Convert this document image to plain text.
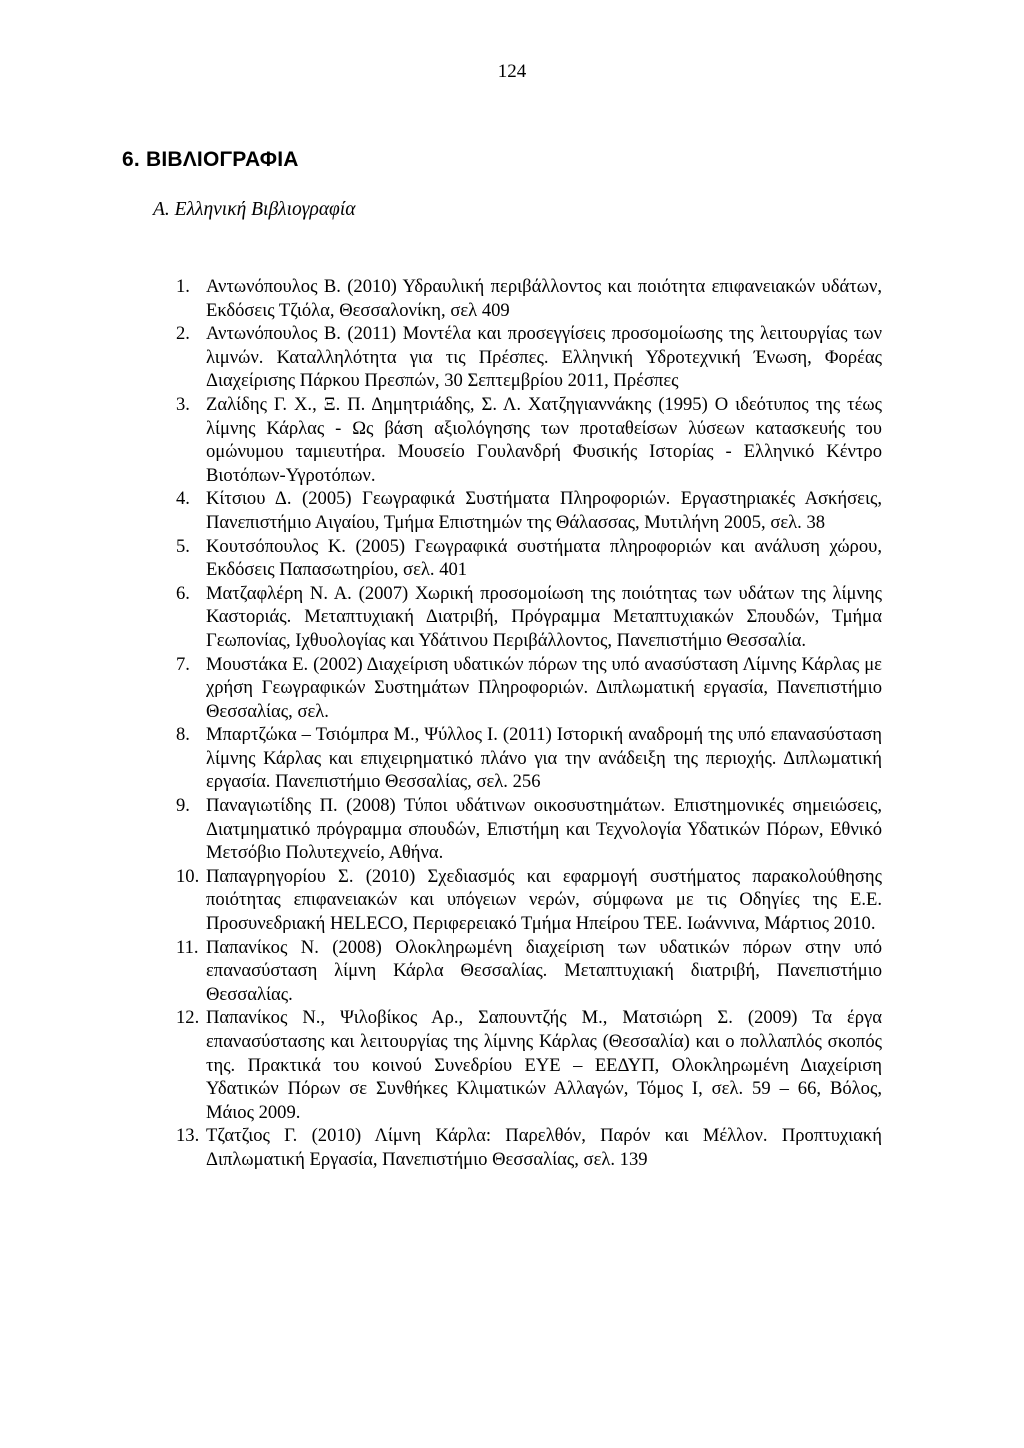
124
6. ΒΙΒΛΙΟΓΡΑΦΙΑ
Α. Ελληνική Βιβλιογραφία
1. Αντωνόπουλος Β. (2010) Υδραυλική περιβάλλοντος και ποιότητα επιφανειακών υδάτων, Εκδόσεις Τζιόλα, Θεσσαλονίκη, σελ 409
2. Αντωνόπουλος Β. (2011) Μοντέλα και προσεγγίσεις προσομοίωσης της λειτουργίας των λιμνών. Καταλληλότητα για τις Πρέσπες. Ελληνική Υδροτεχνική Ένωση, Φορέας Διαχείρισης Πάρκου Πρεσπών, 30 Σεπτεμβρίου 2011, Πρέσπες
3. Ζαλίδης Γ. Χ., Ξ. Π. Δημητριάδης, Σ. Λ. Χατζηγιαννάκης (1995) Ο ιδεότυπος της τέως λίμνης Κάρλας - Ως βάση αξιολόγησης των προταθείσων λύσεων κατασκευής του ομώνυμου ταμιευτήρα. Μουσείο Γουλανδρή Φυσικής Ιστορίας - Ελληνικό Κέντρο Βιοτόπων-Υγροτόπων.
4. Κίτσιου Δ. (2005) Γεωγραφικά Συστήματα Πληροφοριών. Εργαστηριακές Ασκήσεις, Πανεπιστήμιο Αιγαίου, Τμήμα Επιστημών της Θάλασσας, Μυτιλήνη 2005, σελ. 38
5. Κουτσόπουλος Κ. (2005) Γεωγραφικά συστήματα πληροφοριών και ανάλυση χώρου, Εκδόσεις Παπασωτηρίου, σελ. 401
6. Ματζαφλέρη Ν. Α. (2007) Χωρική προσομοίωση της ποιότητας των υδάτων της λίμνης Καστοριάς. Μεταπτυχιακή Διατριβή, Πρόγραμμα Μεταπτυχιακών Σπουδών, Τμήμα Γεωπονίας, Ιχθυολογίας και Υδάτινου Περιβάλλοντος, Πανεπιστήμιο Θεσσαλία.
7. Μουστάκα Ε. (2002) Διαχείριση υδατικών πόρων της υπό ανασύσταση Λίμνης Κάρλας με χρήση Γεωγραφικών Συστημάτων Πληροφοριών. Διπλωματική εργασία, Πανεπιστήμιο Θεσσαλίας, σελ.
8. Μπαρτζώκα – Τσιόμπρα Μ., Ψύλλος Ι. (2011) Ιστορική αναδρομή της υπό επανασύσταση λίμνης Κάρλας και επιχειρηματικό πλάνο για την ανάδειξη της περιοχής. Διπλωματική εργασία. Πανεπιστήμιο Θεσσαλίας, σελ. 256
9. Παναγιωτίδης Π. (2008) Τύποι υδάτινων οικοσυστημάτων. Επιστημονικές σημειώσεις, Διατμηματικό πρόγραμμα σπουδών, Επιστήμη και Τεχνολογία Υδατικών Πόρων, Εθνικό Μετσόβιο Πολυτεχνείο, Αθήνα.
10. Παπαγρηγορίου Σ. (2010) Σχεδιασμός και εφαρμογή συστήματος παρακολούθησης ποιότητας επιφανειακών και υπόγειων νερών, σύμφωνα με τις Οδηγίες της Ε.Ε. Προσυνεδριακή HELECO, Περιφερειακό Τμήμα Ηπείρου ΤΕΕ. Ιωάννινα, Μάρτιος 2010.
11. Παπανίκος Ν. (2008) Ολοκληρωμένη διαχείριση των υδατικών πόρων στην υπό επανασύσταση λίμνη Κάρλα Θεσσαλίας. Μεταπτυχιακή διατριβή, Πανεπιστήμιο Θεσσαλίας.
12. Παπανίκος Ν., Ψιλοβίκος Αρ., Σαπουντζής Μ., Ματσιώρη Σ. (2009) Τα έργα επανασύστασης και λειτουργίας της λίμνης Κάρλας (Θεσσαλία) και ο πολλαπλός σκοπός της. Πρακτικά του κοινού Συνεδρίου ΕΥΕ – ΕΕΔΥΠ, Ολοκληρωμένη Διαχείριση Υδατικών Πόρων σε Συνθήκες Κλιματικών Αλλαγών, Τόμος Ι, σελ. 59 – 66, Βόλος, Μάιος 2009.
13. Τζατζιος Γ. (2010) Λίμνη Κάρλα: Παρελθόν, Παρόν και Μέλλον. Προπτυχιακή Διπλωματική Εργασία, Πανεπιστήμιο Θεσσαλίας, σελ. 139
